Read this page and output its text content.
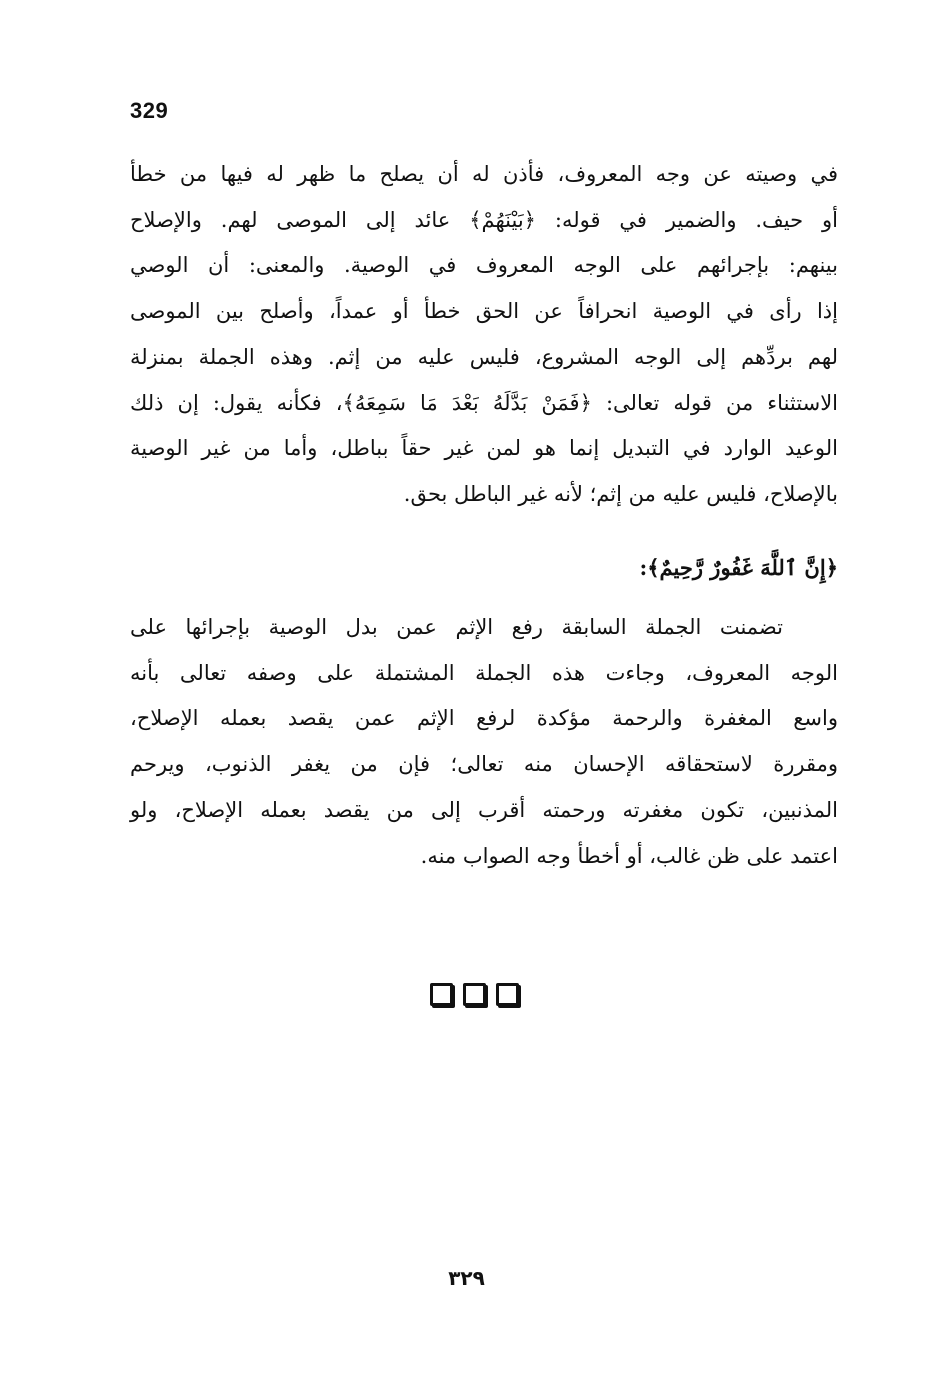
329
في وصيته عن وجه المعروف، فأذن له أن يصلح ما ظهر له فيها من خطأ
أو حيف. والضمير في قوله: ﴿بَيْنَهُمْ﴾ عائد إلى الموصى لهم. والإصلاح
بينهم: بإجرائهم على الوجه المعروف في الوصية. والمعنى: أن الوصي
إذا رأى في الوصية انحرافاً عن الحق خطأ أو عمداً، وأصلح بين الموصى
لهم بردِّهم إلى الوجه المشروع، فليس عليه من إثم. وهذه الجملة بمنزلة
الاستثناء من قوله تعالى: ﴿فَمَنْ بَدَّلَهُ بَعْدَ مَا سَمِعَهُ﴾، فكأنه يقول: إن ذلك
الوعيد الوارد في التبديل إنما هو لمن غير حقاً بباطل، وأما من غير الوصية
بالإصلاح، فليس عليه من إثم؛ لأنه غير الباطل بحق.
﴿إِنَّ ٱللَّهَ غَفُورٌ رَّحِيمٌ﴾:
تضمنت الجملة السابقة رفع الإثم عمن بدل الوصية بإجرائها على
الوجه المعروف، وجاءت هذه الجملة المشتملة على وصفه تعالى بأنه
واسع المغفرة والرحمة مؤكدة لرفع الإثم عمن يقصد بعمله الإصلاح،
ومقررة لاستحقاقه الإحسان منه تعالى؛ فإن من يغفر الذنوب، ويرحم
المذنبين، تكون مغفرته ورحمته أقرب إلى من يقصد بعمله الإصلاح، ولو
اعتمد على ظن غالب، أو أخطأ وجه الصواب منه.
٣٢٩
